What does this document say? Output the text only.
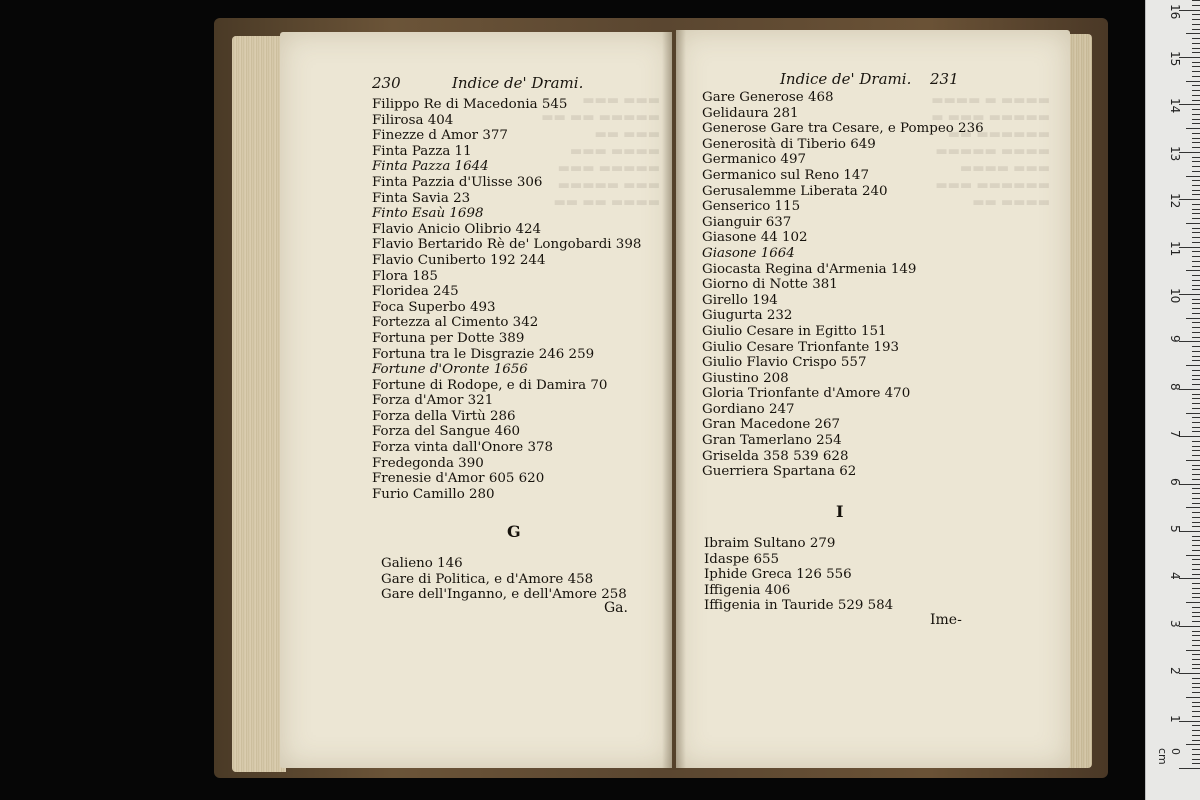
▬▬▬ ▬▬▬
▬▬▬▬▬ ▬▬ ▬▬
▬▬▬ ▬▬
▬▬▬▬ ▬▬▬
▬▬▬▬▬ ▬▬▬
▬▬▬ ▬▬▬▬▬
▬▬▬▬ ▬▬ ▬▬
▬▬▬▬ ▬ ▬▬▬▬
▬▬▬▬▬ ▬▬▬ ▬
▬▬▬▬▬▬ ▬▬
▬▬▬▬ ▬▬▬▬▬
▬▬▬ ▬▬▬▬
▬▬▬▬▬▬ ▬▬▬
▬▬▬▬ ▬▬
230	Indice de' Drami.
Filippo Re di Macedonia 545
Filirosa 404
Finezze d Amor 377
Finta Pazza 11
Finta Pazza 1644
Finta Pazzia d'Ulisse 306
Finta Savia 23
Finto Esaù 1698
Flavio Anicio Olibrio 424
Flavio Bertarido Rè de' Longobardi 398
Flavio Cuniberto 192 244
Flora 185
Floridea 245
Foca Superbo 493
Fortezza al Cimento 342
Fortuna per Dotte 389
Fortuna tra le Disgrazie 246 259
Fortune d'Oronte 1656
Fortune di Rodope, e di Damira 70
Forza d'Amor 321
Forza della Virtù 286
Forza del Sangue 460
Forza vinta dall'Onore 378
Fredegonda 390
Frenesie d'Amor 605 620
Furio Camillo 280
G
Galieno 146
Gare di Politica, e d'Amore 458
Gare dell'Inganno, e dell'Amore 258
Ga.
Indice de' Drami. 231
Gare Generose 468
Gelidaura 281
Generose Gare tra Cesare, e Pompeo 236
Generosità di Tiberio 649
Germanico 497
Germanico sul Reno 147
Gerusalemme Liberata 240
Genserico 115
Gianguir 637
Giasone 44 102
Giasone 1664
Giocasta Regina d'Armenia 149
Giorno di Notte 381
Girello 194
Giugurta 232
Giulio Cesare in Egitto 151
Giulio Cesare Trionfante 193
Giulio Flavio Crispo 557
Giustino 208
Gloria Trionfante d'Amore 470
Gordiano 247
Gran Macedone 267
Gran Tamerlano 254
Griselda 358 539 628
Guerriera Spartana 62
I
Ibraim Sultano 279
Idaspe 655
Iphide Greca 126 556
Iffigenia 406
Iffigenia in Tauride 529 584
Ime-
0 cm
1
2
3
4
5
6
7
8
9
10
11
12
13
14
15
16
